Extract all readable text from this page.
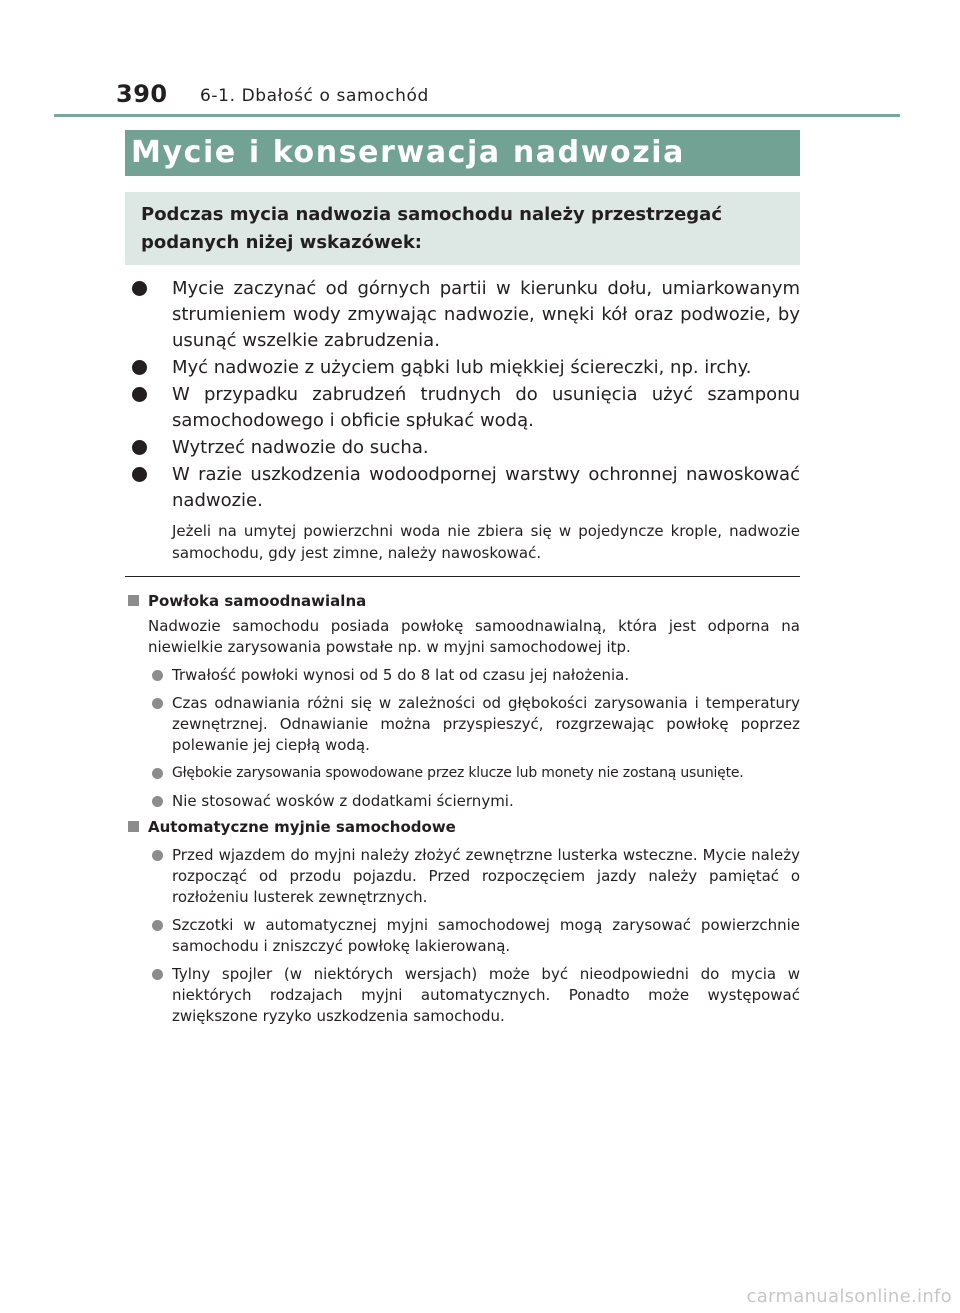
390 6-1. Dbałość o samochód
Mycie i konserwacja nadwozia
Podczas mycia nadwozia samochodu należy przestrzegać podanych niżej wskazówek:
Mycie zaczynać od górnych partii w kierunku dołu, umiarkowanym strumieniem wody zmywając nadwozie, wnęki kół oraz podwozie, by usunąć wszelkie zabrudzenia.
Myć nadwozie z użyciem gąbki lub miękkiej ściereczki, np. irchy.
W przypadku zabrudzeń trudnych do usunięcia użyć szamponu samochodowego i obficie spłukać wodą.
Wytrzeć nadwozie do sucha.
W razie uszkodzenia wodoodpornej warstwy ochronnej nawoskować nadwozie.
Jeżeli na umytej powierzchni woda nie zbiera się w pojedyncze krople, nadwozie samochodu, gdy jest zimne, należy nawoskować.
Powłoka samoodnawialna
Nadwozie samochodu posiada powłokę samoodnawialną, która jest odporna na niewielkie zarysowania powstałe np. w myjni samochodowej itp.
Trwałość powłoki wynosi od 5 do 8 lat od czasu jej nałożenia.
Czas odnawiania różni się w zależności od głębokości zarysowania i temperatury zewnętrznej. Odnawianie można przyspieszyć, rozgrzewając powłokę poprzez polewanie jej ciepłą wodą.
Głębokie zarysowania spowodowane przez klucze lub monety nie zostaną usunięte.
Nie stosować wosków z dodatkami ściernymi.
Automatyczne myjnie samochodowe
Przed wjazdem do myjni należy złożyć zewnętrzne lusterka wsteczne. Mycie należy rozpocząć od przodu pojazdu. Przed rozpoczęciem jazdy należy pamiętać o rozłożeniu lusterek zewnętrznych.
Szczotki w automatycznej myjni samochodowej mogą zarysować powierzchnie samochodu i zniszczyć powłokę lakierowaną.
Tylny spojler (w niektórych wersjach) może być nieodpowiedni do mycia w niektórych rodzajach myjni automatycznych. Ponadto może występować zwiększone ryzyko uszkodzenia samochodu.
carmanualsonline.info
